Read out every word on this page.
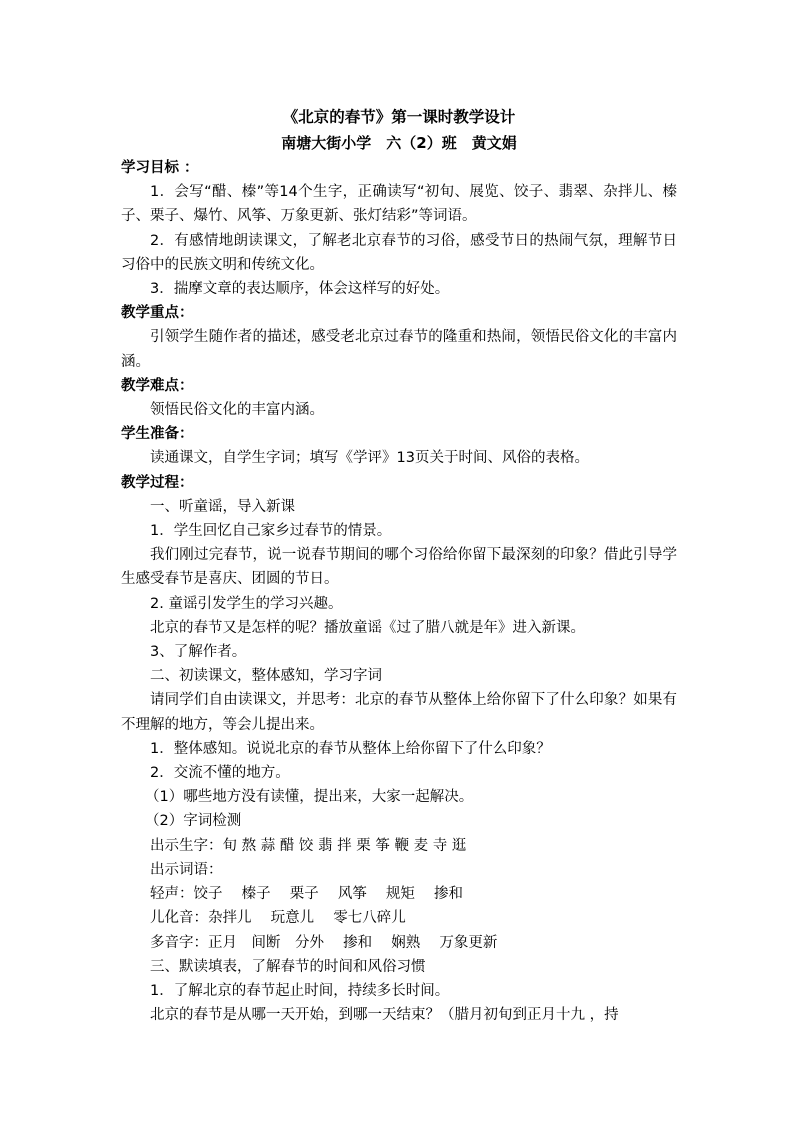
《北京的春节》第一课时教学设计
南塘大街小学　六（2）班　黄文娟
学习目标 ：
1．会写“醋、榛”等14个生字，正确读写“初旬、展览、饺子、翡翠、杂拌儿、榛子、栗子、爆竹、风筝、万象更新、张灯结彩”等词语。
2．有感情地朗读课文，了解老北京春节的习俗，感受节日的热闹气氛，理解节日习俗中的民族文明和传统文化。
3．揣摩文章的表达顺序，体会这样写的好处。
教学重点：
引领学生随作者的描述，感受老北京过春节的隆重和热闹，领悟民俗文化的丰富内涵。
教学难点：
领悟民俗文化的丰富内涵。
学生准备：
读通课文，自学生字词；填写《学评》13页关于时间、风俗的表格。
教学过程：
一、听童谣，导入新课
1．学生回忆自己家乡过春节的情景。
我们刚过完春节，说一说春节期间的哪个习俗给你留下最深刻的印象？借此引导学生感受春节是喜庆、团圆的节日。
2. 童谣引发学生的学习兴趣。
北京的春节又是怎样的呢？播放童谣《过了腊八就是年》进入新课。
3、了解作者。
二、初读课文，整体感知，学习字词
请同学们自由读课文，并思考：北京的春节从整体上给你留下了什么印象？如果有不理解的地方，等会儿提出来。
1．整体感知。说说北京的春节从整体上给你留下了什么印象？
2．交流不懂的地方。
（1）哪些地方没有读懂，提出来，大家一起解决。
（2）字词检测
出示生字：旬 熬 蒜 醋 饺 翡 拌 栗 筝 鞭 麦 寺 逛
出示词语：
轻声：饺子　 榛子　 栗子　 风筝　 规矩　 掺和
儿化音：杂拌儿　 玩意儿　 零七八碎儿
多音字：正月　间断　分外　 掺和　 娴熟　 万象更新
三、默读填表，了解春节的时间和风俗习惯
1．了解北京的春节起止时间，持续多长时间。
北京的春节是从哪一天开始，到哪一天结束？（腊月初旬到正月十九 ，持
